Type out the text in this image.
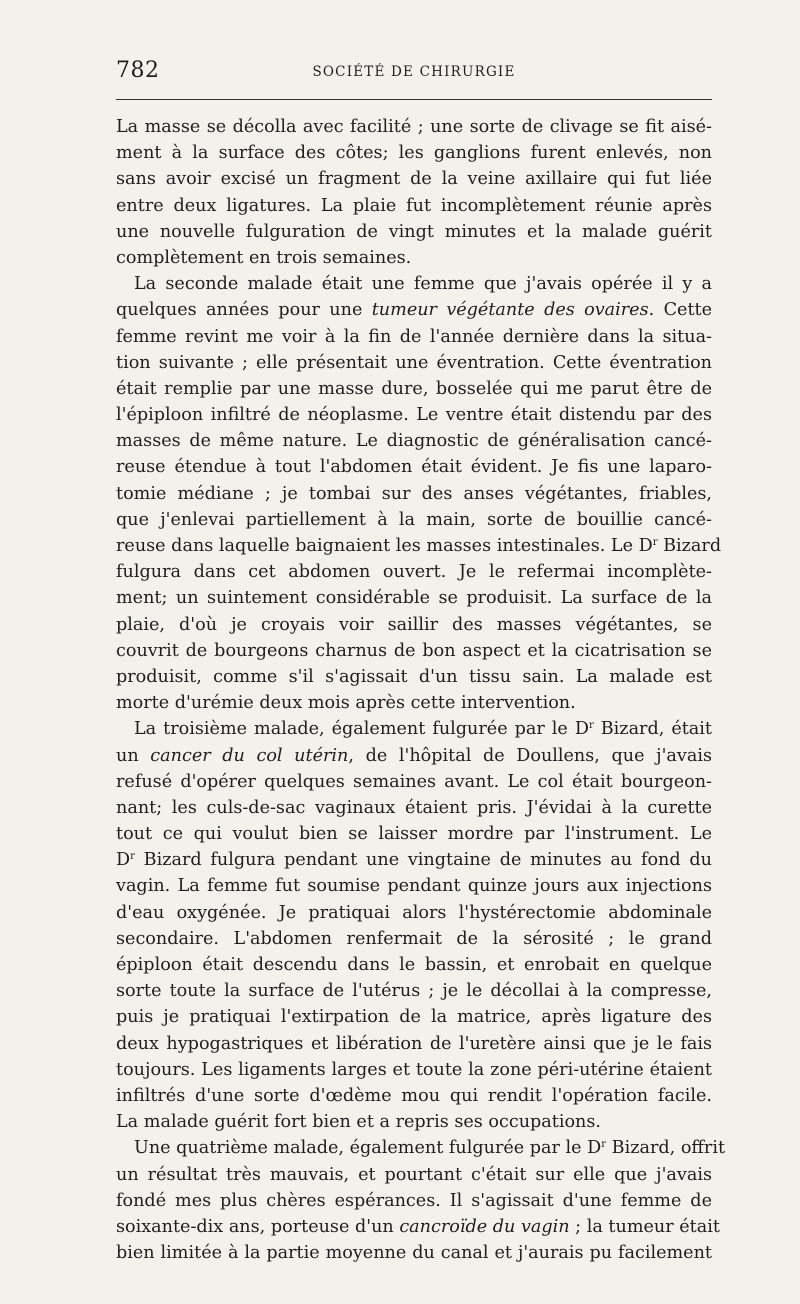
782	SOCIÉTÉ DE CHIRURGIE
La masse se décolla avec facilité ; une sorte de clivage se fit aisé-
ment à la surface des côtes; les ganglions furent enlevés, non
sans avoir excisé un fragment de la veine axillaire qui fut liée
entre deux ligatures. La plaie fut incomplètement réunie après
une nouvelle fulguration de vingt minutes et la malade guérit
complètement en trois semaines.
La seconde malade était une femme que j'avais opérée il y a
quelques années pour une tumeur végétante des ovaires. Cette
femme revint me voir à la fin de l'année dernière dans la situa-
tion suivante ; elle présentait une éventration. Cette éventration
était remplie par une masse dure, bosselée qui me parut être de
l'épiploon infiltré de néoplasme. Le ventre était distendu par des
masses de même nature. Le diagnostic de généralisation cancé-
reuse étendue à tout l'abdomen était évident. Je fis une laparo-
tomie médiane ; je tombai sur des anses végétantes, friables,
que j'enlevai partiellement à la main, sorte de bouillie cancé-
reuse dans laquelle baignaient les masses intestinales. Le $D^r$ Bizard
fulgura dans cet abdomen ouvert. Je le refermai incomplète-
ment; un suintement considérable se produisit. La surface de la
plaie, d'où je croyais voir saillir des masses végétantes, se
couvrit de bourgeons charnus de bon aspect et la cicatrisation se
produisit, comme s'il s'agissait d'un tissu sain. La malade est
morte d'urémie deux mois après cette intervention.
La troisième malade, également fulgurée par le $D^r$ Bizard, était
un cancer du col utérin, de l'hôpital de Doullens, que j'avais
refusé d'opérer quelques semaines avant. Le col était bourgeon-
nant; les culs-de-sac vaginaux étaient pris. J'évidai à la curette
tout ce qui voulut bien se laisser mordre par l'instrument. Le
$D^r$ Bizard fulgura pendant une vingtaine de minutes au fond du
vagin. La femme fut soumise pendant quinze jours aux injections
d'eau oxygénée. Je pratiquai alors l'hystérectomie abdominale
secondaire. L'abdomen renfermait de la sérosité ; le grand
épiploon était descendu dans le bassin, et enrobait en quelque
sorte toute la surface de l'utérus ; je le décollai à la compresse,
puis je pratiquai l'extirpation de la matrice, après ligature des
deux hypogastriques et libération de l'uretère ainsi que je le fais
toujours. Les ligaments larges et toute la zone péri-utérine étaient
infiltrés d'une sorte d'œdème mou qui rendit l'opération facile.
La malade guérit fort bien et a repris ses occupations.
Une quatrième malade, également fulgurée par le $D^r$ Bizard, offrit
un résultat très mauvais, et pourtant c'était sur elle que j'avais
fondé mes plus chères espérances. Il s'agissait d'une femme de
soixante-dix ans, porteuse d'un cancroïde du vagin ; la tumeur était
bien limitée à la partie moyenne du canal et j'aurais pu facilement
